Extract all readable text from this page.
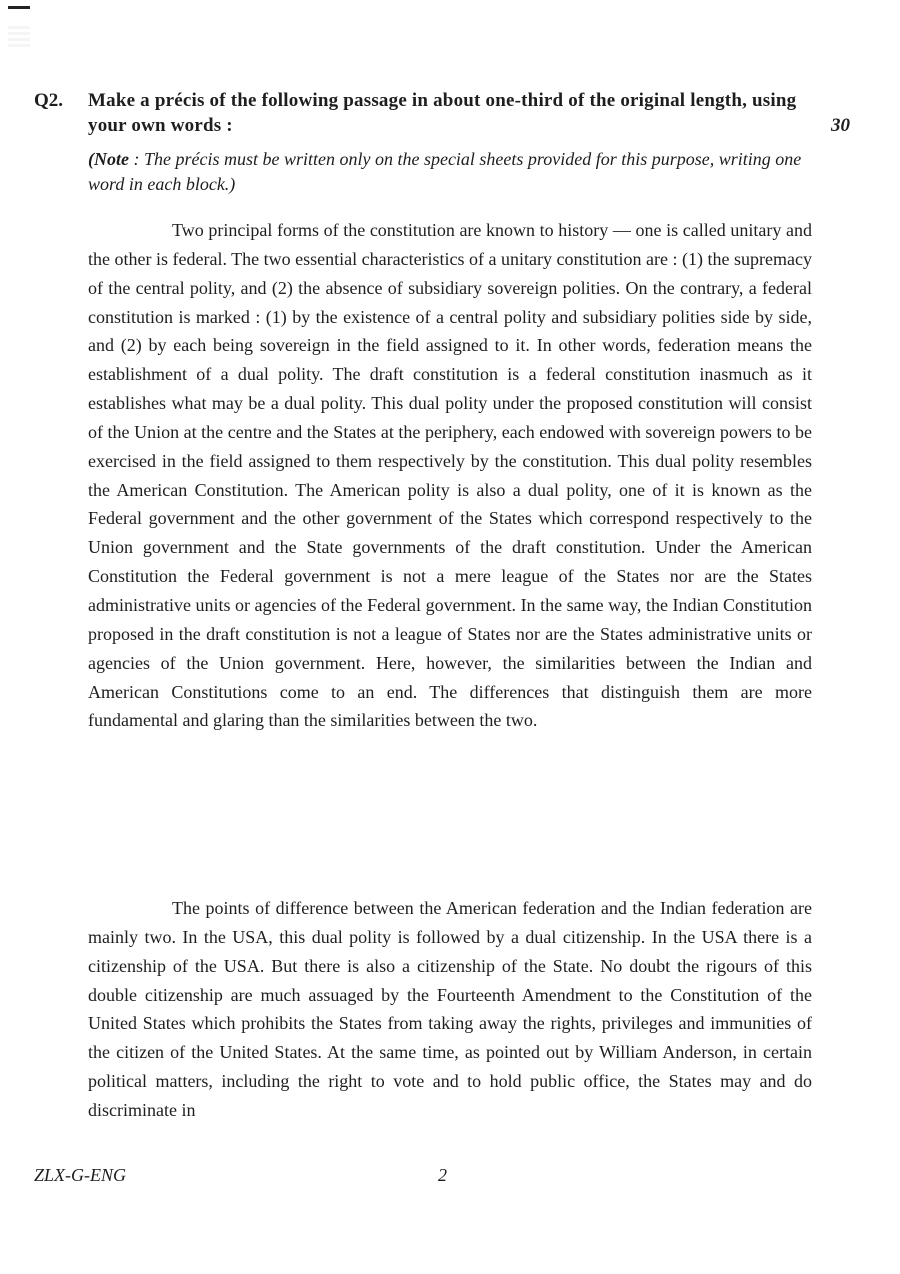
Q2. Make a précis of the following passage in about one-third of the original length, using your own words :	30
(Note : The précis must be written only on the special sheets provided for this purpose, writing one word in each block.)

Two principal forms of the constitution are known to history — one is called unitary and the other is federal. The two essential characteristics of a unitary constitution are : (1) the supremacy of the central polity, and (2) the absence of subsidiary sovereign polities. On the contrary, a federal constitution is marked : (1) by the existence of a central polity and subsidiary polities side by side, and (2) by each being sovereign in the field assigned to it. In other words, federation means the establishment of a dual polity. The draft constitution is a federal constitution inasmuch as it establishes what may be a dual polity. This dual polity under the proposed constitution will consist of the Union at the centre and the States at the periphery, each endowed with sovereign powers to be exercised in the field assigned to them respectively by the constitution. This dual polity resembles the American Constitution. The American polity is also a dual polity, one of it is known as the Federal government and the other government of the States which correspond respectively to the Union government and the State governments of the draft constitution. Under the American Constitution the Federal government is not a mere league of the States nor are the States administrative units or agencies of the Federal government. In the same way, the Indian Constitution proposed in the draft constitution is not a league of States nor are the States administrative units or agencies of the Union government. Here, however, the similarities between the Indian and American Constitutions come to an end. The differences that distinguish them are more fundamental and glaring than the similarities between the two.

The points of difference between the American federation and the Indian federation are mainly two. In the USA, this dual polity is followed by a dual citizenship. In the USA there is a citizenship of the USA. But there is also a citizenship of the State. No doubt the rigours of this double citizenship are much assuaged by the Fourteenth Amendment to the Constitution of the United States which prohibits the States from taking away the rights, privileges and immunities of the citizen of the United States. At the same time, as pointed out by William Anderson, in certain political matters, including the right to vote and to hold public office, the States may and do discriminate in

ZLX-G-ENG	2
